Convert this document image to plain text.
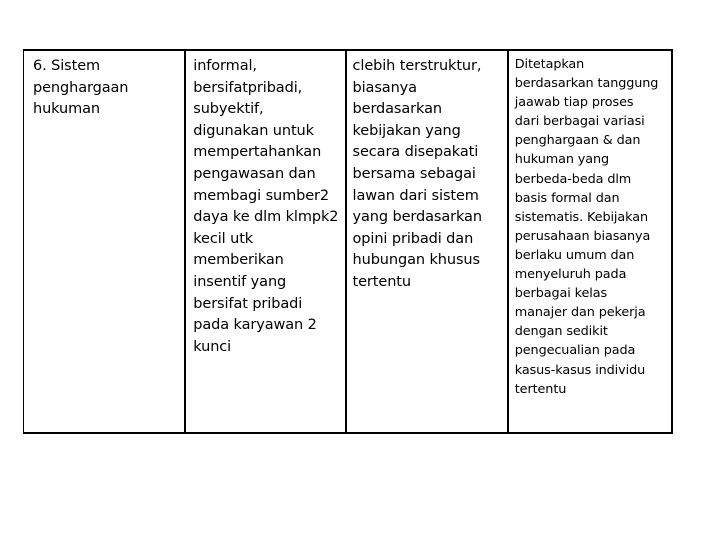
6. Sistem
penghargaan
hukuman
informal,
bersifatpribadi,
subyektif,
digunakan untuk
mempertahankan
pengawasan dan
membagi sumber2
daya ke dlm klmpk2
kecil utk
memberikan
insentif yang
bersifat pribadi
pada karyawan 2
kunci
clebih terstruktur,
biasanya
berdasarkan
kebijakan yang
secara disepakati
bersama sebagai
lawan dari sistem
yang berdasarkan
opini pribadi dan
hubungan khusus
tertentu
Ditetapkan
berdasarkan tanggung
jaawab tiap proses
dari berbagai variasi
penghargaan & dan
hukuman yang
berbeda-beda dlm
basis formal dan
sistematis. Kebijakan
perusahaan biasanya
berlaku umum dan
menyeluruh pada
berbagai kelas
manajer dan pekerja
dengan sedikit
pengecualian pada
kasus-kasus individu
tertentu
